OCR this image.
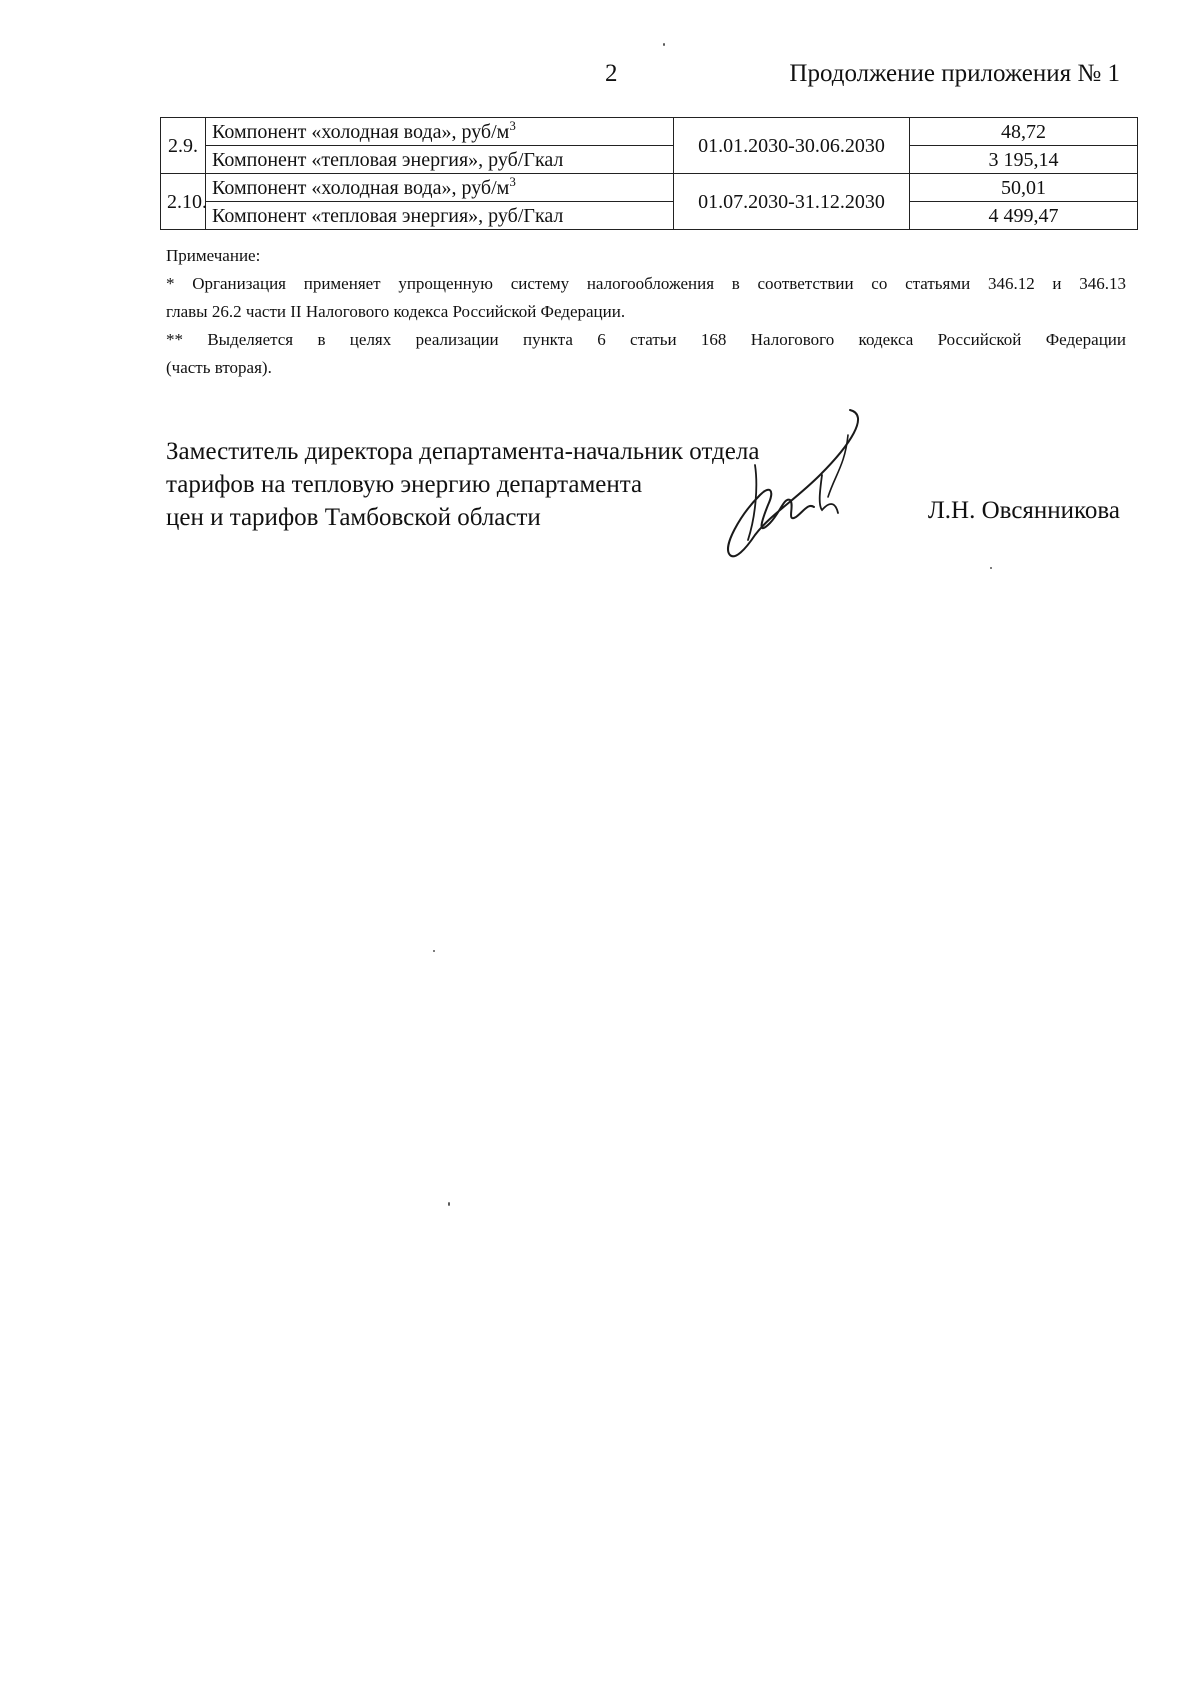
2	Продолжение приложения № 1
2.9.	Компонент «холодная вода», руб/$м^3$	01.01.2030-30.06.2030	48,72
	Компонент «тепловая энергия», руб/Гкал		3 195,14
2.10.	Компонент «холодная вода», руб/$м^3$	01.07.2030-31.12.2030	50,01
	Компонент «тепловая энергия», руб/Гкал		4 499,47

Примечание:

* Организация применяет упрощенную систему налогообложения в соответствии со статьями 346.12 и 346.13

главы 26.2 части II Налогового кодекса Российской Федерации.

** Выделяется в целях реализации пункта 6 статьи 168 Налогового кодекса Российской Федерации

(часть вторая).

Заместитель директора департамента-начальник отдела
тарифов на тепловую энергию департамента
цен и тарифов Тамбовской области	Л.Н. Овсянникова
